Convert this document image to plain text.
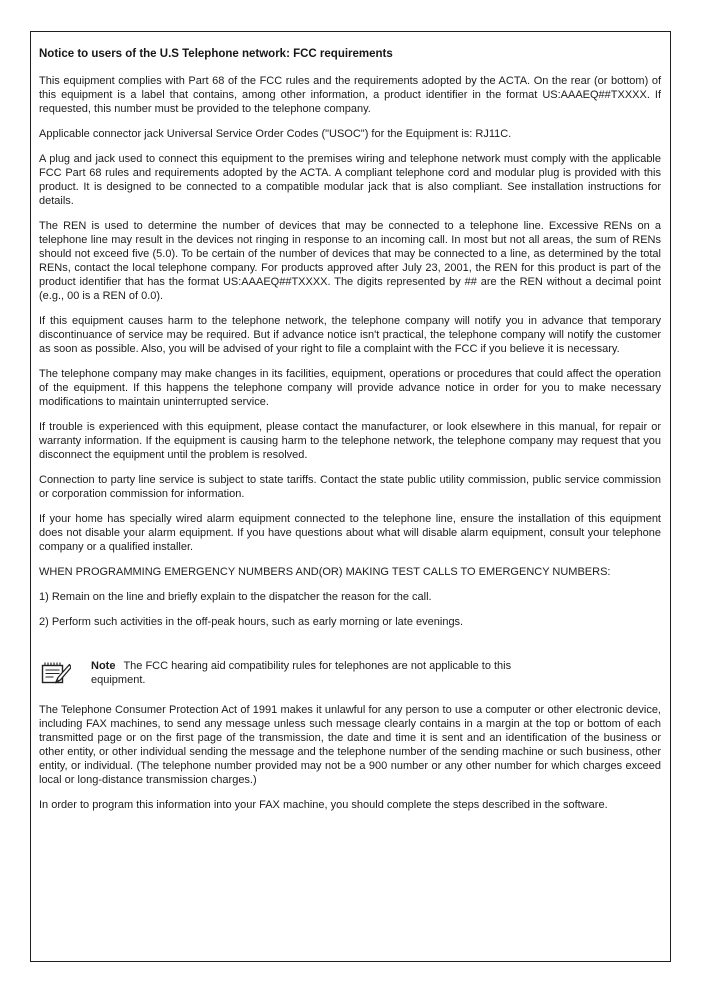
Notice to users of the U.S Telephone network: FCC requirements

This equipment complies with Part 68 of the FCC rules and the requirements adopted by the ACTA. On the rear (or bottom) of this equipment is a label that contains, among other information, a product identifier in the format US:AAAEQ##TXXXX. If requested, this number must be provided to the telephone company.

Applicable connector jack Universal Service Order Codes ("USOC") for the Equipment is: RJ11C.

A plug and jack used to connect this equipment to the premises wiring and telephone network must comply with the applicable FCC Part 68 rules and requirements adopted by the ACTA. A compliant telephone cord and modular plug is provided with this product. It is designed to be connected to a compatible modular jack that is also compliant. See installation instructions for details.

The REN is used to determine the number of devices that may be connected to a telephone line. Excessive RENs on a telephone line may result in the devices not ringing in response to an incoming call. In most but not all areas, the sum of RENs should not exceed five (5.0). To be certain of the number of devices that may be connected to a line, as determined by the total RENs, contact the local telephone company. For products approved after July 23, 2001, the REN for this product is part of the product identifier that has the format US:AAAEQ##TXXXX. The digits represented by ## are the REN without a decimal point (e.g., 00 is a REN of 0.0).

If this equipment causes harm to the telephone network, the telephone company will notify you in advance that temporary discontinuance of service may be required. But if advance notice isn't practical, the telephone company will notify the customer as soon as possible. Also, you will be advised of your right to file a complaint with the FCC if you believe it is necessary.

The telephone company may make changes in its facilities, equipment, operations or procedures that could affect the operation of the equipment. If this happens the telephone company will provide advance notice in order for you to make necessary modifications to maintain uninterrupted service.

If trouble is experienced with this equipment, please contact the manufacturer, or look elsewhere in this manual, for repair or warranty information. If the equipment is causing harm to the telephone network, the telephone company may request that you disconnect the equipment until the problem is resolved.

Connection to party line service is subject to state tariffs. Contact the state public utility commission, public service commission or corporation commission for information.

If your home has specially wired alarm equipment connected to the telephone line, ensure the installation of this equipment does not disable your alarm equipment. If you have questions about what will disable alarm equipment, consult your telephone company or a qualified installer.

WHEN PROGRAMMING EMERGENCY NUMBERS AND(OR) MAKING TEST CALLS TO EMERGENCY NUMBERS:

1) Remain on the line and briefly explain to the dispatcher the reason for the call.

2) Perform such activities in the off-peak hours, such as early morning or late evenings.

Note The FCC hearing aid compatibility rules for telephones are not applicable to this equipment.

The Telephone Consumer Protection Act of 1991 makes it unlawful for any person to use a computer or other electronic device, including FAX machines, to send any message unless such message clearly contains in a margin at the top or bottom of each transmitted page or on the first page of the transmission, the date and time it is sent and an identification of the business or other entity, or other individual sending the message and the telephone number of the sending machine or such business, other entity, or individual. (The telephone number provided may not be a 900 number or any other number for which charges exceed local or long-distance transmission charges.)

In order to program this information into your FAX machine, you should complete the steps described in the software.
